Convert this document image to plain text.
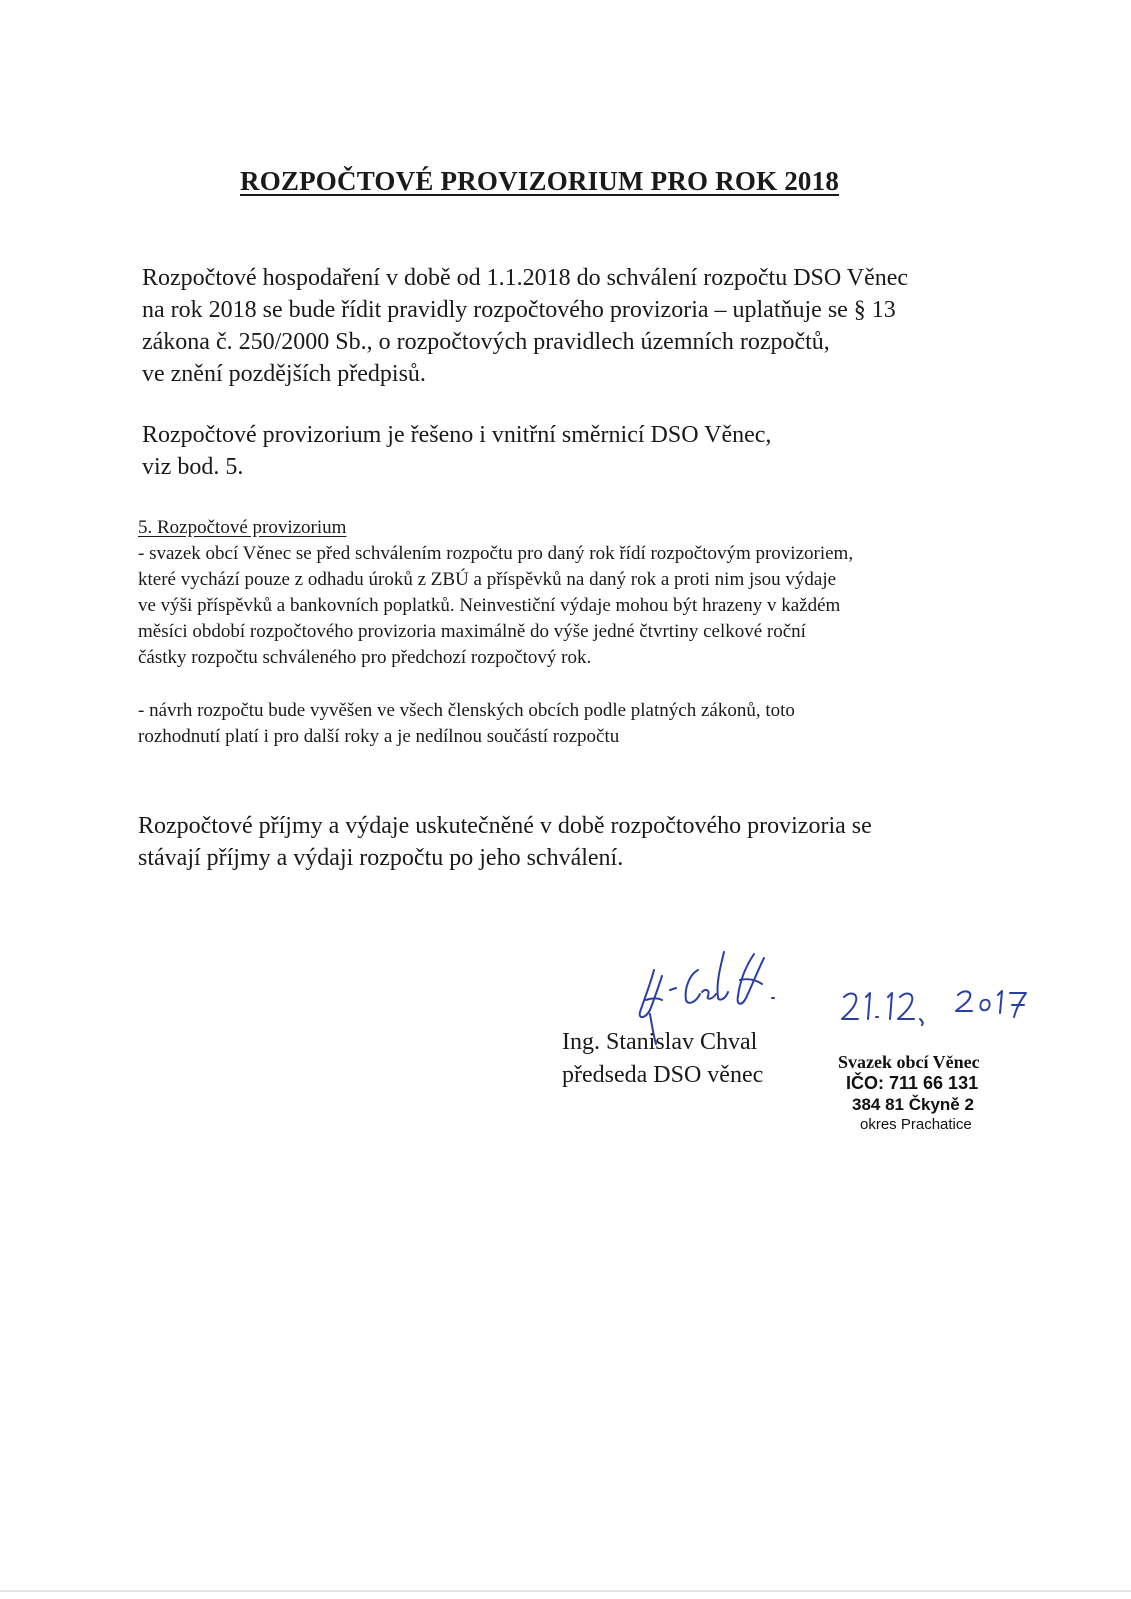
ROZPOČTOVÉ PROVIZORIUM PRO ROK 2018
Rozpočtové hospodaření v době od 1.1.2018 do schválení rozpočtu DSO Věnec
na rok 2018 se bude řídit pravidly rozpočtového provizoria – uplatňuje se § 13
zákona č. 250/2000 Sb., o rozpočtových pravidlech územních rozpočtů,
ve znění pozdějších předpisů.
Rozpočtové provizorium je řešeno i vnitřní směrnicí DSO Věnec,
viz bod. 5.
5. Rozpočtové provizorium
- svazek obcí Věnec se před schválením rozpočtu pro daný rok řídí rozpočtovým provizoriem,
které vychází pouze z odhadu úroků z ZBÚ a příspěvků na daný rok a proti nim jsou výdaje
ve výši příspěvků a bankovních poplatků. Neinvestiční výdaje mohou být hrazeny v každém
měsíci období rozpočtového provizoria maximálně do výše jedné čtvrtiny celkové roční
částky rozpočtu schváleného pro předchozí rozpočtový rok.
- návrh rozpočtu bude vyvěšen ve všech členských obcích podle platných zákonů, toto
rozhodnutí platí i pro další roky a je nedílnou součástí rozpočtu
Rozpočtové příjmy a výdaje uskutečněné v době rozpočtového provizoria se
stávají příjmy a výdaji rozpočtu po jeho schválení.
Ing. Stanislav Chval
předseda DSO věnec	Svazek obcí Věnec
IČO: 711 66 131
384 81 Čkyně 2
okres Prachatice
